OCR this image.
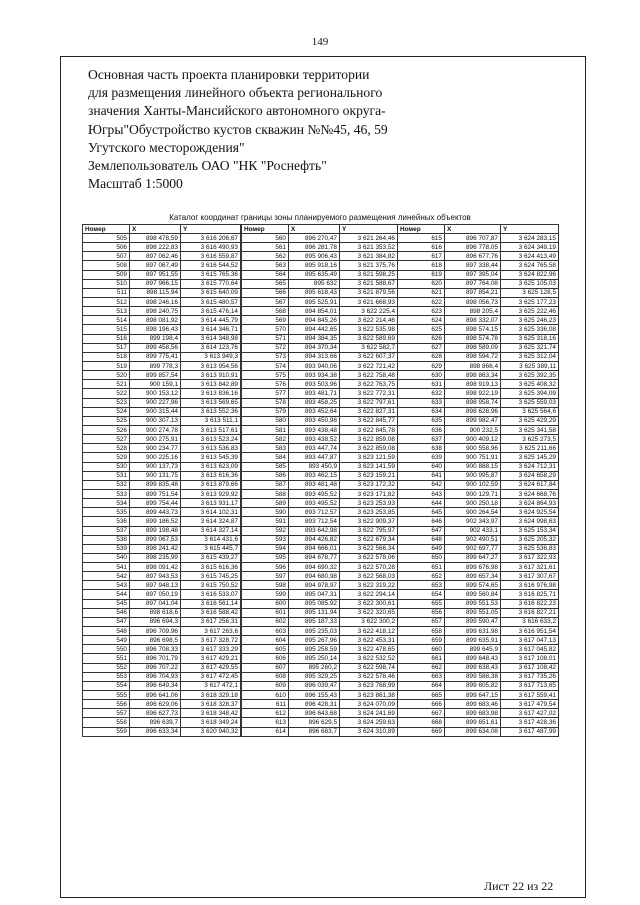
149
Основная часть проекта планировки территории
для размещения линейного объекта регионального
значения Ханты-Мансийского автономного округа-
Югры"Обустройство кустов скважин №№45, 46, 59
Угутского месторождения"
Землепользователь ОАО "НК "Роснефть"
Масштаб 1:5000
Каталог координат границы зоны планируемого размещения линейных объектов
Номер	X	Y
505	898 478,59	3 616 206,67
506	898 222,83	3 616 490,93
507	897 062,46	3 616 559,87
508	897 067,49	3 616 544,52
509	897 951,55	3 615 765,36
510	897 966,15	3 615 770,64
511	898 115,94	3 615 640,09
512	898 246,16	3 615 480,57
513	898 240,75	3 615 476,14
514	898 081,92	3 614 445,79
515	898 196,43	3 614 346,71
516	899 198,4	3 614 348,98
517	899 458,56	3 614 123,76
518	899 775,41	3 613 949,3
519	899 778,3	3 613 954,56
520	899 857,54	3 613 910,91
521	900 159,1	3 613 842,89
522	900 153,12	3 613 836,16
523	900 227,96	3 613 569,65
524	900 315,44	3 613 552,36
525	900 307,13	3 613 511,1
526	900 274,78	3 613 517,61
527	900 275,91	3 613 523,24
528	900 234,77	3 613 536,83
529	900 225,16	3 613 545,39
530	900 137,73	3 613 623,09
531	900 131,75	3 613 616,36
532	899 835,48	3 613 879,66
533	899 751,54	3 613 929,92
534	899 754,44	3 613 931,17
535	899 443,73	3 614 102,31
536	899 186,52	3 614 324,87
537	899 198,48	3 614 327,14
538	899 067,53	3 614 431,6
539	898 241,42	3 615 445,7
540	898 235,99	3 615 439,27
541	898 091,42	3 615 616,36
542	897 943,53	3 615 745,25
543	897 948,13	3 615 750,52
544	897 050,19	3 616 533,07
545	897 041,04	3 616 561,14
546	898 618,6	3 616 588,42
547	896 694,3	3 617 256,31
548	896 709,96	3 617 263,6
549	896 698,5	3 617 328,72
550	896 708,33	3 617 333,29
551	896 701,79	3 617 429,21
552	896 707,22	3 617 429,55
553	896 704,93	3 617 472,45
554	896 649,34	3 617 472,1
555	896 641,06	3 618 329,18
556	896 629,06	3 618 328,37
557	896 627,73	3 618 348,42
558	896 639,7	3 618 349,24
559	896 633,34	3 620 940,32
Номер	X	Y
560	896 270,47	3 621 264,46
561	896 281,78	3 621 353,52
562	895 906,43	3 621 384,82
563	895 918,16	3 621 375,76
564	895 635,49	3 621 598,25
565	895 632	3 621 588,67
566	895 618,43	3 621 879,56
567	895 525,91	3 621 668,93
568	894 854,01	3 622 225,4
569	894 845,26	3 622 214,46
570	894 442,65	3 622 535,98
571	894 384,35	3 622 589,69
572	894 370,34	3 622 582,7
573	894 313,66	3 622 607,37
574	893 940,06	3 622 721,42
575	893 934,38	3 622 758,48
576	893 503,96	3 622 763,75
577	893 481,71	3 622 772,31
578	893 458,25	3 622 797,61
579	893 452,64	3 622 827,31
580	893 450,98	3 622 845,77
581	893 438,48	3 622 845,78
582	893 438,52	3 622 859,08
583	893 447,74	3 622 859,08
584	893 447,87	3 623 121,59
585	893 450,9	3 623 141,59
586	893 462,15	3 623 159,21
587	893 481,48	3 623 172,32
588	893 495,52	3 623 171,82
589	893 495,52	3 623 253,93
590	893 712,57	3 623 253,85
591	893 712,54	3 622 909,37
592	893 642,98	3 622 795,97
593	894 426,82	3 622 679,34
594	894 666,01	3 622 566,34
595	894 678,77	3 622 578,06
596	894 690,32	3 622 570,28
597	894 680,98	3 622 568,03
598	894 978,97	3 622 319,22
599	895 047,31	3 622 294,14
600	895 085,92	3 622 300,61
601	895 131,94	3 622 320,65
602	895 187,33	3 622 300,2
603	895 235,03	3 622 418,12
604	895 267,96	3 622 453,31
605	895 258,59	3 622 478,65
606	895 250,14	3 622 532,52
607	895 260,2	3 622 598,74
608	895 329,25	3 622 578,46
609	896 039,47	3 623 768,99
610	896 155,43	3 623 861,38
611	896 428,31	3 624 070,09
612	896 643,68	3 624 241,69
613	896 629,5	3 624 259,63
614	896 683,7	3 624 310,89
Номер	X	Y
615	896 707,87	3 624 283,15
616	896 778,05	3 624 349,19
617	896 677,76	3 624 413,49
618	897 338,44	3 624 765,58
619	897 395,04	3 624 822,96
620	897 764,08	3 625 105,03
621	897 854,21	3 625 128,5
622	898 056,73	3 625 177,23
623	898 205,4	3 625 222,46
624	898 332,07	3 625 246,23
625	898 574,15	3 625 336,08
626	898 574,78	3 625 318,16
627	898 589,09	3 625 321,74
628	898 594,72	3 625 312,04
629	898 866,4	3 625 389,11
630	898 863,34	3 625 392,35
631	898 919,13	3 625 408,32
632	898 922,19	3 625 394,09
633	898 958,74	3 625 559,03
634	898 628,96	3 625 564,6
635	899 982,47	3 625 429,29
636	900 232,5	3 625 341,58
637	900 409,12	3 625 273,5
638	900 558,96	3 625 211,66
639	900 751,91	3 625 145,29
640	900 888,15	3 624 712,31
641	900 995,87	3 624 658,29
642	900 102,59	3 624 617,84
643	900 129,71	3 624 668,76
644	900 250,18	3 624 864,93
645	900 264,54	3 624 925,54
646	902 343,97	3 624 998,63
647	902 433,1	3 625 153,34
648	902 490,51	3 625 205,32
649	902 697,77	3 625 536,83
650	899 647,27	3 617 322,93
651	899 676,98	3 617 321,61
652	899 657,34	3 617 307,67
653	899 574,65	3 616 976,98
654	899 560,84	3 616 825,71
655	899 551,53	3 616 822,23
656	899 551,05	3 616 827,21
657	899 590,47	3 616 633,2
658	899 631,98	3 616 951,54
659	899 635,91	3 617 047,13
660	899 645,9	3 617 045,82
661	899 648,43	3 617 108,01
662	899 638,43	3 617 108,42
663	899 588,38	3 617 735,26
664	899 605,82	3 617 713,65
665	899 647,15	3 617 559,41
666	899 683,46	3 617 479,54
667	899 683,98	3 617 427,02
668	899 651,61	3 617 428,36
669	899 634,08	3 617 487,99
Лист 22 из 22
